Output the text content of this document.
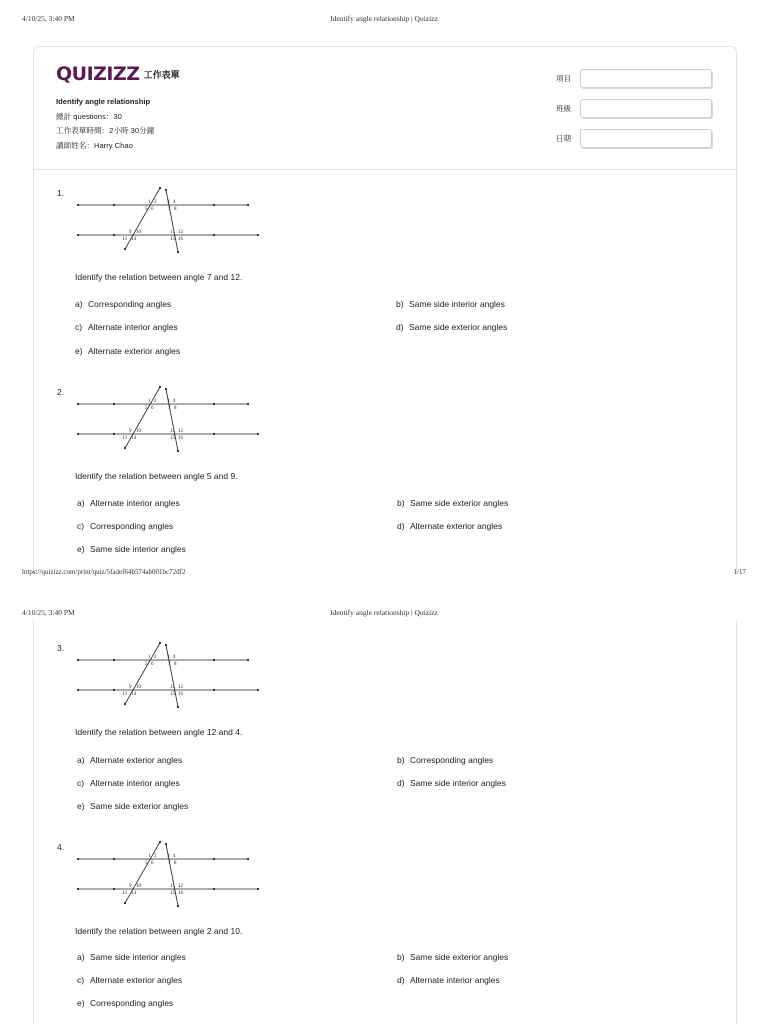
4/10/25, 3:40 PM	Identify angle relationship | Quizizz
QUIZIZZ 工作表單
Identify angle relationship
總計 questions：30
工作表單時間：2小時 30分鐘
講師姓名：Harry Chao
項目
班級
日期
1.
1 2 3 4
5 6	7 8
9 10	11 12
13 14	15 16
Identify the relation between angle 7 and 12.
a) Corresponding angles	b) Same side interior angles
c) Alternate interior angles	d) Same side exterior angles
e) Alternate exterior angles
2.
1 2 3 4
5 6	7 8
9 10	11 12
13 14	15 16
Identify the relation between angle 5 and 9.
a) Alternate interior angles	b) Same side exterior angles
c) Corresponding angles	d) Alternate exterior angles
e) Same side interior angles
https://quizizz.com/print/quiz/5fadef64b574ab001bc72df2	1/17
4/10/25, 3:40 PM	Identify angle relationship | Quizizz
3.
1 2 3 4
5 6	7 8
9 10	11 12
13 14	15 16
Identify the relation between angle 12 and 4.
a) Alternate exterior angles	b) Corresponding angles
c) Alternate interior angles	d) Same side interior angles
e) Same side exterior angles
4.
1 2 3 4
5 6	7 8
9 10	11 12
13 14	15 16
Identify the relation between angle 2 and 10.
a) Same side interior angles	b) Same side exterior angles
c) Alternate exterior angles	d) Alternate interior angles
e) Corresponding angles
